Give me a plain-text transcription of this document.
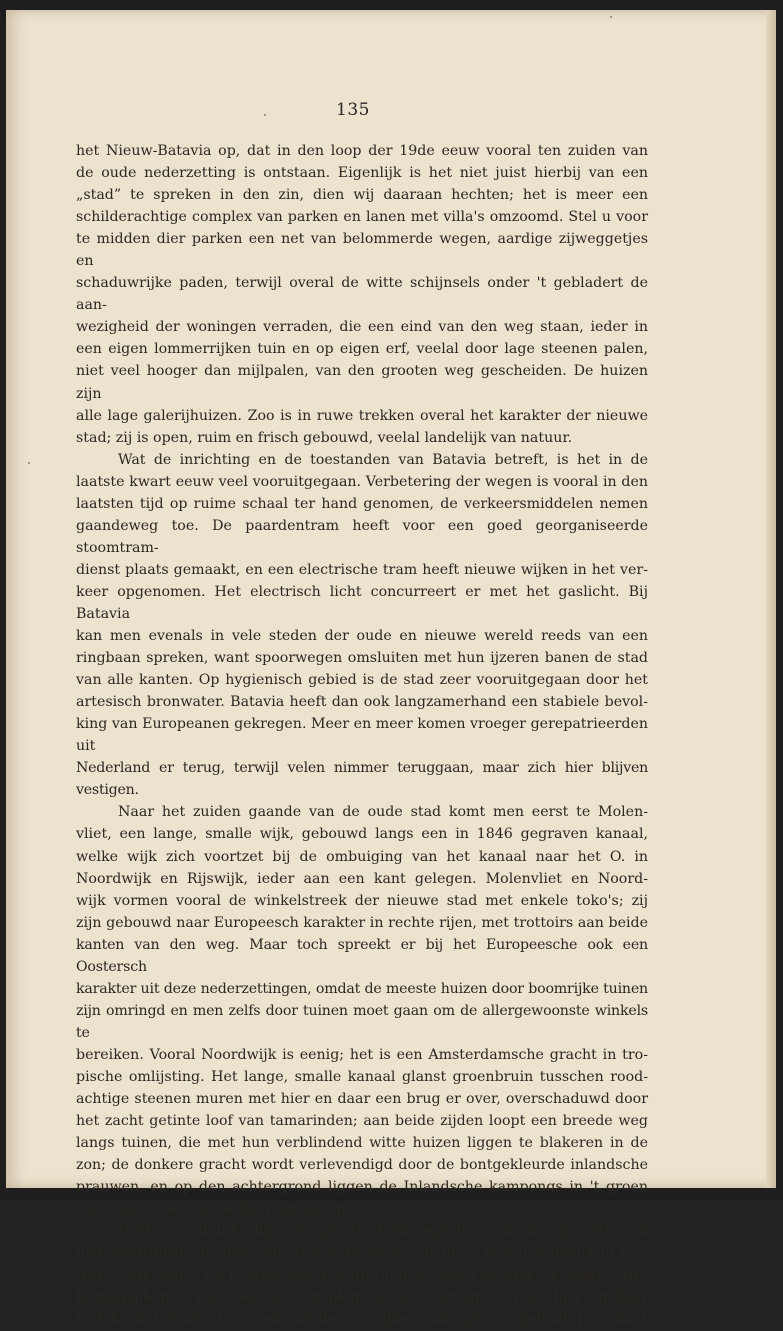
135

het Nieuw-Batavia op, dat in den loop der 19de eeuw vooral ten zuiden van
de oude nederzetting is ontstaan. Eigenlijk is het niet juist hierbij van een
„stad” te spreken in den zin, dien wij daaraan hechten; het is meer een
schilderachtige complex van parken en lanen met villa's omzoomd. Stel u voor
te midden dier parken een net van belommerde wegen, aardige zijweggetjes en
schaduwrijke paden, terwijl overal de witte schijnsels onder 't gebladert de aan-
wezigheid der woningen verraden, die een eind van den weg staan, ieder in
een eigen lommerrijken tuin en op eigen erf, veelal door lage steenen palen,
niet veel hooger dan mijlpalen, van den grooten weg gescheiden. De huizen zijn
alle lage galerijhuizen. Zoo is in ruwe trekken overal het karakter der nieuwe
stad; zij is open, ruim en frisch gebouwd, veelal landelijk van natuur.

Wat de inrichting en de toestanden van Batavia betreft, is het in de
laatste kwart eeuw veel vooruitgegaan. Verbetering der wegen is vooral in den
laatsten tijd op ruime schaal ter hand genomen, de verkeersmiddelen nemen
gaandeweg toe. De paardentram heeft voor een goed georganiseerde stoomtram-
dienst plaats gemaakt, en een electrische tram heeft nieuwe wijken in het ver-
keer opgenomen. Het electrisch licht concurreert er met het gaslicht. Bij Batavia
kan men evenals in vele steden der oude en nieuwe wereld reeds van een
ringbaan spreken, want spoorwegen omsluiten met hun ijzeren banen de stad
van alle kanten. Op hygienisch gebied is de stad zeer vooruitgegaan door het
artesisch bronwater. Batavia heeft dan ook langzamerhand een stabiele bevol-
king van Europeanen gekregen. Meer en meer komen vroeger gerepatrieerden uit
Nederland er terug, terwijl velen nimmer teruggaan, maar zich hier blijven vestigen.

Naar het zuiden gaande van de oude stad komt men eerst te Molen-
vliet, een lange, smalle wijk, gebouwd langs een in 1846 gegraven kanaal,
welke wijk zich voortzet bij de ombuiging van het kanaal naar het O. in
Noordwijk en Rijswijk, ieder aan een kant gelegen. Molenvliet en Noord-
wijk vormen vooral de winkelstreek der nieuwe stad met enkele toko's; zij
zijn gebouwd naar Europeesch karakter in rechte rijen, met trottoirs aan beide
kanten van den weg. Maar toch spreekt er bij het Europeesche ook een Oostersch
karakter uit deze nederzettingen, omdat de meeste huizen door boomrijke tuinen
zijn omringd en men zelfs door tuinen moet gaan om de allergewoonste winkels te
bereiken. Vooral Noordwijk is eenig; het is een Amsterdamsche gracht in tro-
pische omlijsting. Het lange, smalle kanaal glanst groenbruin tusschen rood-
achtige steenen muren met hier en daar een brug er over, overschaduwd door
het zacht getinte loof van tamarinden; aan beide zijden loopt een breede weg
langs tuinen, die met hun verblindend witte huizen liggen te blakeren in de
zon; de donkere gracht wordt verlevendigd door de bontgekleurde inlandsche
prauwen, en op den achtergrond liggen de Inlandsche kampongs in 't groen
verscholen, de stadswijken omsluitend.

Verder zuidelijk, bij het groote Koningsplein, een der grootste en
merkwaardigste pleinen van Nieuw-Batavia, dat bijna een uur gaans in om-
trek heeft, krijgt de nieuwe nederzetting geheel een Oostersch karakter. Het
Koningsplein is niet zoozeer een plein als wel een groot veld, hier en daar
bedekt met grazend vee, en aan de vier zijden van zijn onregelmatig vierkant
